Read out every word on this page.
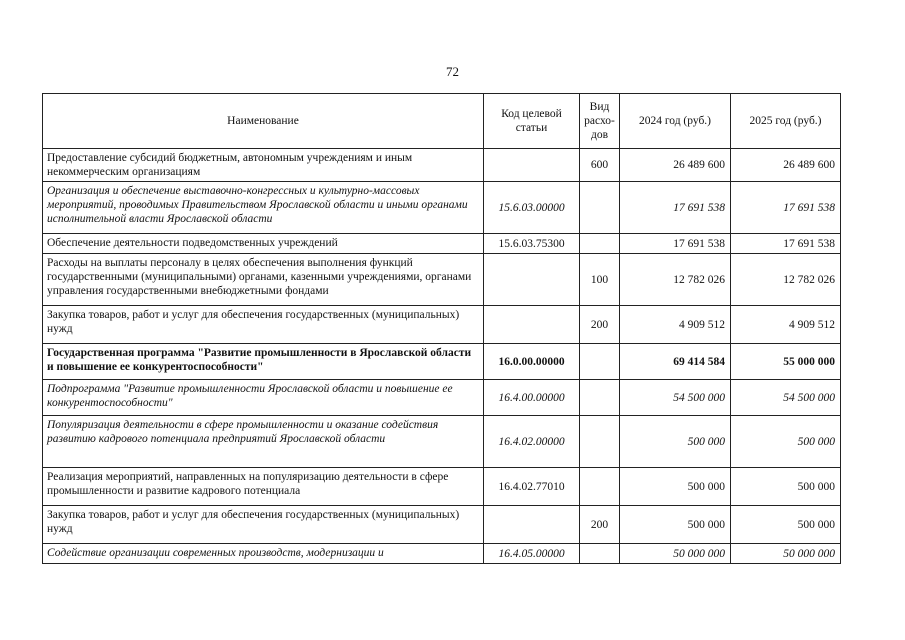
72
Наименование	Код целевой статьи	Вид расхо-дов	2024 год (руб.)	2025 год (руб.)
Предоставление субсидий бюджетным, автономным учреждениям и иным некоммерческим организациям		600	26 489 600	26 489 600
Организация и обеспечение выставочно-конгрессных и культурно-массовых мероприятий, проводимых Правительством Ярославской области и иными органами исполнительной власти Ярославской области	15.6.03.00000		17 691 538	17 691 538
Обеспечение деятельности подведомственных учреждений	15.6.03.75300		17 691 538	17 691 538
Расходы на выплаты персоналу в целях обеспечения выполнения функций государственными (муниципальными) органами, казенными учреждениями, органами управления государственными внебюджетными фондами		100	12 782 026	12 782 026
Закупка товаров, работ и услуг для обеспечения государственных (муниципальных) нужд		200	4 909 512	4 909 512
Государственная программа "Развитие промышленности в Ярославской области и повышение ее конкурентоспособности"	16.0.00.00000		69 414 584	55 000 000
Подпрограмма "Развитие промышленности Ярославской области и повышение ее конкурентоспособности"	16.4.00.00000		54 500 000	54 500 000
Популяризация деятельности в сфере промышленности и оказание содействия развитию кадрового потенциала предприятий Ярославской области	16.4.02.00000		500 000	500 000
Реализация мероприятий, направленных на популяризацию деятельности в сфере промышленности и развитие кадрового потенциала	16.4.02.77010		500 000	500 000
Закупка товаров, работ и услуг для обеспечения государственных (муниципальных) нужд		200	500 000	500 000
Содействие организации современных производств, модернизации и	16.4.05.00000		50 000 000	50 000 000
